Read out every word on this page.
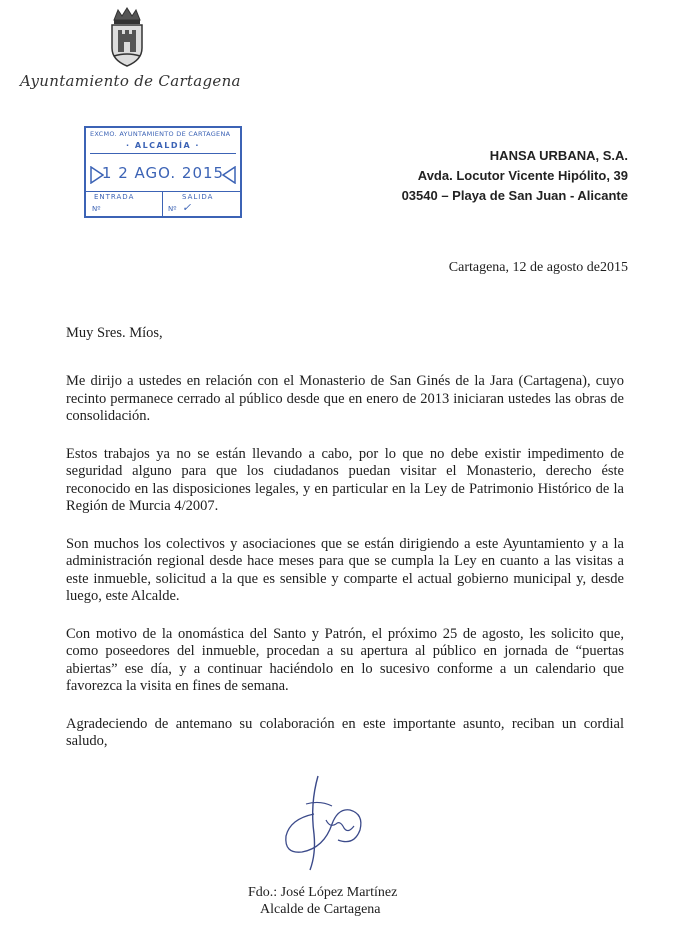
Ayuntamiento de Cartagena
EXCMO. AYUNTAMIENTO DE CARTAGENA
· ALCALDÍA ·
1 2 AGO. 2015
ENTRADA	SALIDA
Nº	Nº ✓
HANSA URBANA, S.A.
Avda. Locutor Vicente Hipólito, 39
03540 – Playa de San Juan - Alicante
Cartagena, 12 de agosto de2015
Muy Sres. Míos,

Me dirijo a ustedes en relación con el Monasterio de San Ginés de la Jara (Cartagena), cuyo recinto permanece cerrado al público desde que en enero de 2013 iniciaran ustedes las obras de consolidación.

Estos trabajos ya no se están llevando a cabo, por lo que no debe existir impedimento de seguridad alguno para que los ciudadanos puedan visitar el Monasterio, derecho éste reconocido en las disposiciones legales, y en particular en la Ley de Patrimonio Histórico de la Región de Murcia 4/2007.

Son muchos los colectivos y asociaciones que se están dirigiendo a este Ayuntamiento y a la administración regional desde hace meses para que se cumpla la Ley en cuanto a las visitas a este inmueble, solicitud a la que es sensible y comparte el actual gobierno municipal y, desde luego, este Alcalde.

Con motivo de la onomástica del Santo y Patrón, el próximo 25 de agosto, les solicito que, como poseedores del inmueble, procedan a su apertura al público en jornada de “puertas abiertas” ese día, y a continuar haciéndolo en lo sucesivo conforme a un calendario que favorezca la visita en fines de semana.

Agradeciendo de antemano su colaboración en este importante asunto, reciban un cordial saludo,

Fdo.: José López Martínez
Alcalde de Cartagena
